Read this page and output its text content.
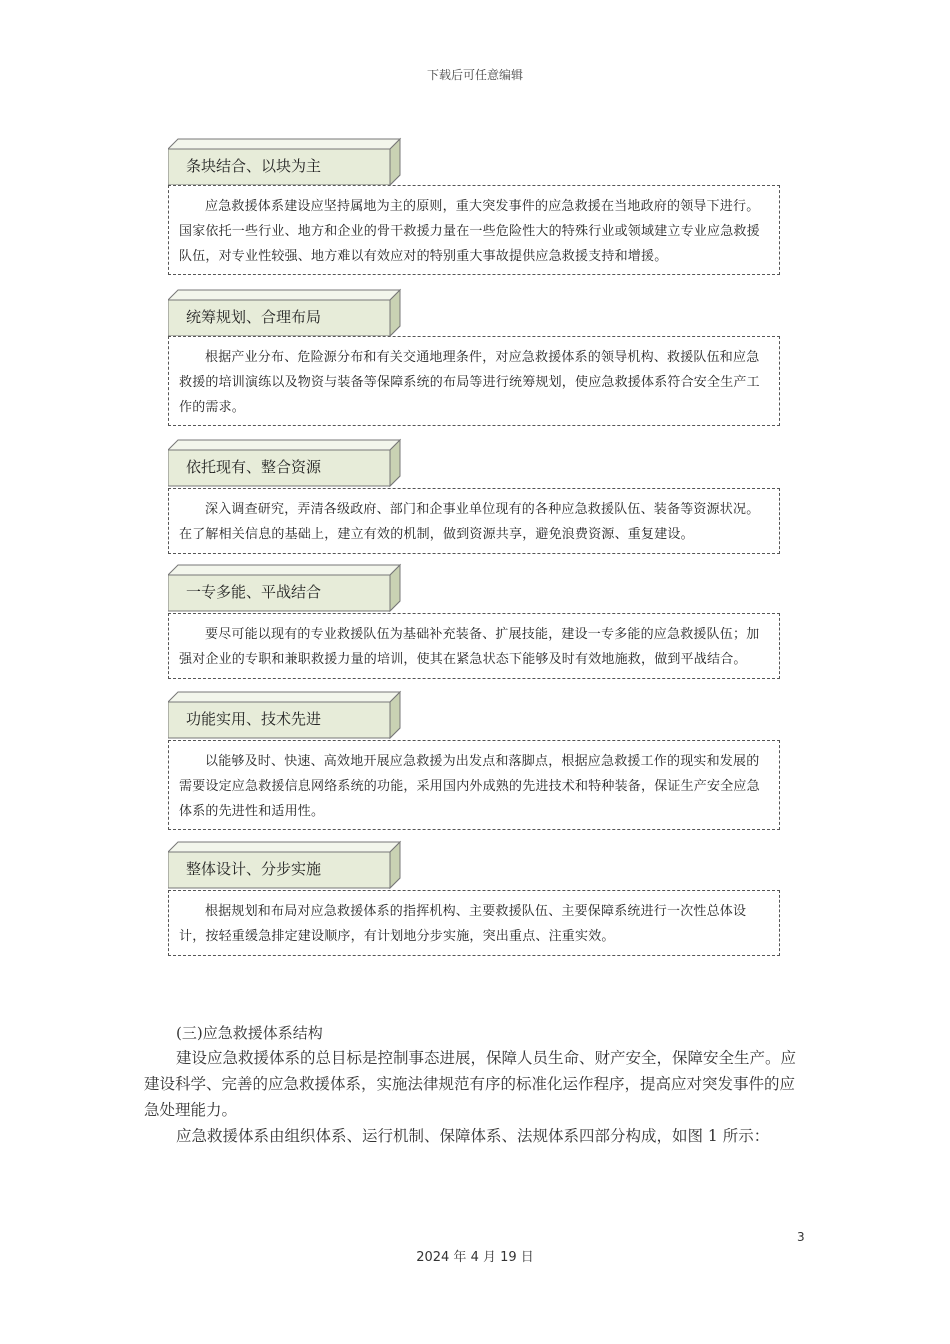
下载后可任意编辑
条块结合、以块为主
应急救援体系建设应坚持属地为主的原则，重大突发事件的应急救援在当地政府的领导下进行。国家依托一些行业、地方和企业的骨干救援力量在一些危险性大的特殊行业或领域建立专业应急救援队伍，对专业性较强、地方难以有效应对的特别重大事故提供应急救援支持和增援。
统筹规划、合理布局
根据产业分布、危险源分布和有关交通地理条件，对应急救援体系的领导机构、救援队伍和应急救援的培训演练以及物资与装备等保障系统的布局等进行统筹规划，使应急救援体系符合安全生产工作的需求。
依托现有、整合资源
深入调查研究，弄清各级政府、部门和企事业单位现有的各种应急救援队伍、装备等资源状况。在了解相关信息的基础上，建立有效的机制，做到资源共享，避免浪费资源、重复建设。
一专多能、平战结合
要尽可能以现有的专业救援队伍为基础补充装备、扩展技能，建设一专多能的应急救援队伍；加强对企业的专职和兼职救援力量的培训，使其在紧急状态下能够及时有效地施救，做到平战结合。
功能实用、技术先进
以能够及时、快速、高效地开展应急救援为出发点和落脚点，根据应急救援工作的现实和发展的需要设定应急救援信息网络系统的功能，采用国内外成熟的先进技术和特种装备，保证生产安全应急体系的先进性和适用性。
整体设计、分步实施
根据规划和布局对应急救援体系的指挥机构、主要救援队伍、主要保障系统进行一次性总体设计，按轻重缓急排定建设顺序，有计划地分步实施，突出重点、注重实效。
(三)应急救援体系结构
建设应急救援体系的总目标是控制事态进展，保障人员生命、财产安全，保障安全生产。应建设科学、完善的应急救援体系，实施法律规范有序的标准化运作程序，提高应对突发事件的应急处理能力。
应急救援体系由组织体系、运行机制、保障体系、法规体系四部分构成，如图 1 所示：
3
2024 年 4 月 19 日
